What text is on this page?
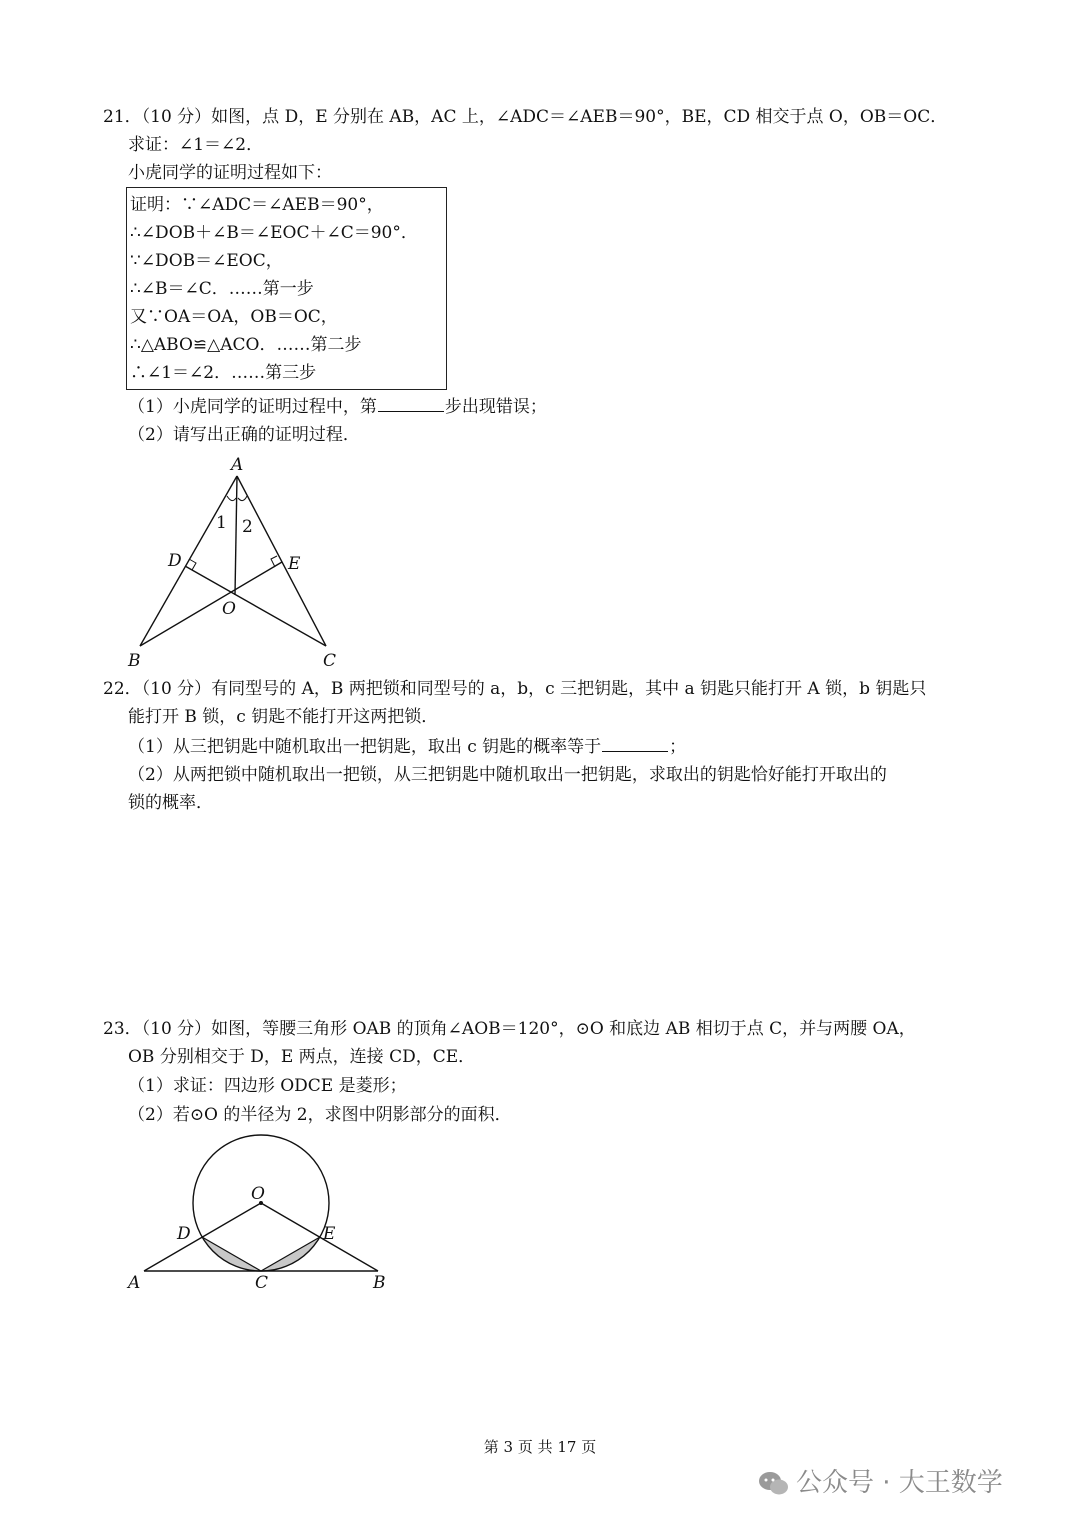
21．（10 分）如图，点 D，E 分别在 AB，AC 上，∠ADC＝∠AEB＝90°，BE，CD 相交于点 O，OB＝OC．
求证：∠1＝∠2．
小虎同学的证明过程如下：
证明：∵∠ADC＝∠AEB＝90°，
∴∠DOB＋∠B＝∠EOC＋∠C＝90°．
∵∠DOB＝∠EOC，
∴∠B＝∠C．……第一步
又∵OA＝OA，OB＝OC，
∴△ABO≌△ACO．……第二步
∴∠1＝∠2．……第三步
（1）小虎同学的证明过程中，第	步出现错误；
（2）请写出正确的证明过程．
A
B	C
D	E
O
1 2
22．（10 分）有同型号的 A，B 两把锁和同型号的 a，b，c 三把钥匙，其中 a 钥匙只能打开 A 锁，b 钥匙只
能打开 B 锁，c 钥匙不能打开这两把锁．
（1）从三把钥匙中随机取出一把钥匙，取出 c 钥匙的概率等于	；
（2）从两把锁中随机取出一把锁，从三把钥匙中随机取出一把钥匙，求取出的钥匙恰好能打开取出的
锁的概率．
23．（10 分）如图，等腰三角形 OAB 的顶角∠AOB＝120°，⊙O 和底边 AB 相切于点 C，并与两腰 OA，
OB 分别相交于 D，E 两点，连接 CD，CE．
（1）求证：四边形 ODCE 是菱形；
（2）若⊙O 的半径为 2，求图中阴影部分的面积．
O
D	E
A	C	B
第 3 页 共 17 页
公众号 · 大王数学
